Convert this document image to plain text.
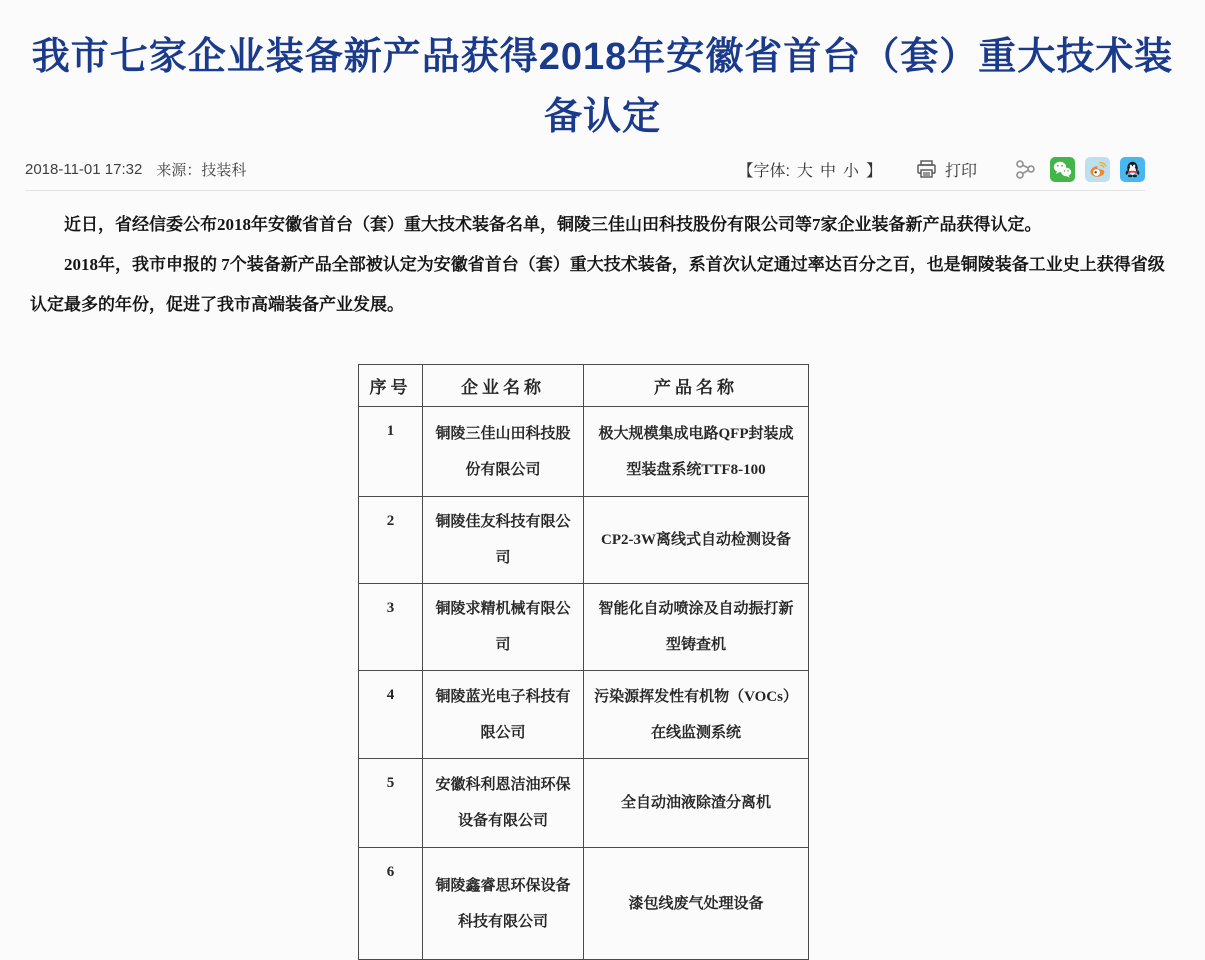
我市七家企业装备新产品获得2018年安徽省首台（套）重大技术装备认定
2018-11-01 17:32 来源：技装科	【字体: 大 中 小 】	打印

近日，省经信委公布2018年安徽省首台（套）重大技术装备名单，铜陵三佳山田科技股份有限公司等7家企业装备新产品获得认定。

2018年，我市申报的 7个装备新产品全部被认定为安徽省首台（套）重大技术装备，系首次认定通过率达百分之百，也是铜陵装备工业史上获得省级认定最多的年份，促进了我市高端装备产业发展。

序号	企业名称	产品名称
1	铜陵三佳山田科技股份有限公司	极大规模集成电路QFP封装成型装盘系统TTF8-100
2	铜陵佳友科技有限公司	CP2-3W离线式自动检测设备
3	铜陵求精机械有限公司	智能化自动喷涂及自动振打新型铸查机
4	铜陵蓝光电子科技有限公司	污染源挥发性有机物（VOCs）在线监测系统
5	安徽科利恩洁油环保设备有限公司	全自动油液除渣分离机
6	铜陵鑫睿思环保设备科技有限公司	漆包线废气处理设备
